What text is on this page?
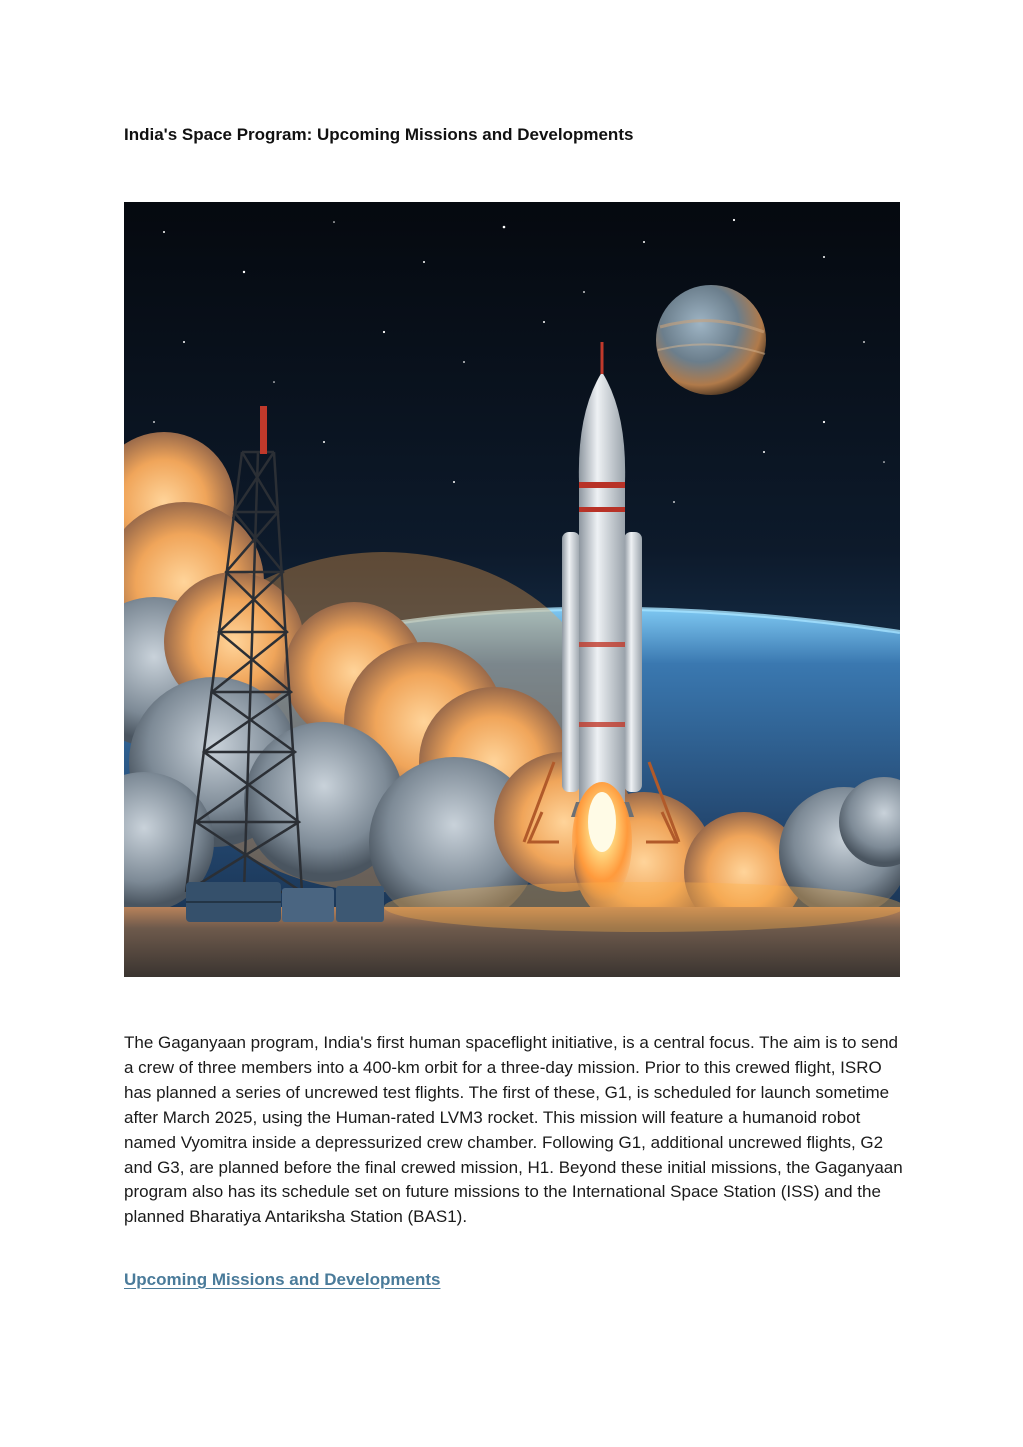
India's Space Program: Upcoming Missions and Developments

The Gaganyaan program, India's first human spaceflight initiative, is a central focus. The aim is to send a crew of three members into a 400-km orbit for a three-day mission. Prior to this crewed flight, ISRO has planned a series of uncrewed test flights. The first of these, G1, is scheduled for launch sometime after March 2025, using the Human-rated LVM3 rocket. This mission will feature a humanoid robot named Vyomitra inside a depressurized crew chamber. Following G1, additional uncrewed flights, G2 and G3, are planned before the final crewed mission, H1. Beyond these initial missions, the Gaganyaan program also has its schedule set on future missions to the International Space Station (ISS) and the planned Bharatiya Antariksha Station (BAS1).

Upcoming Missions and Developments
